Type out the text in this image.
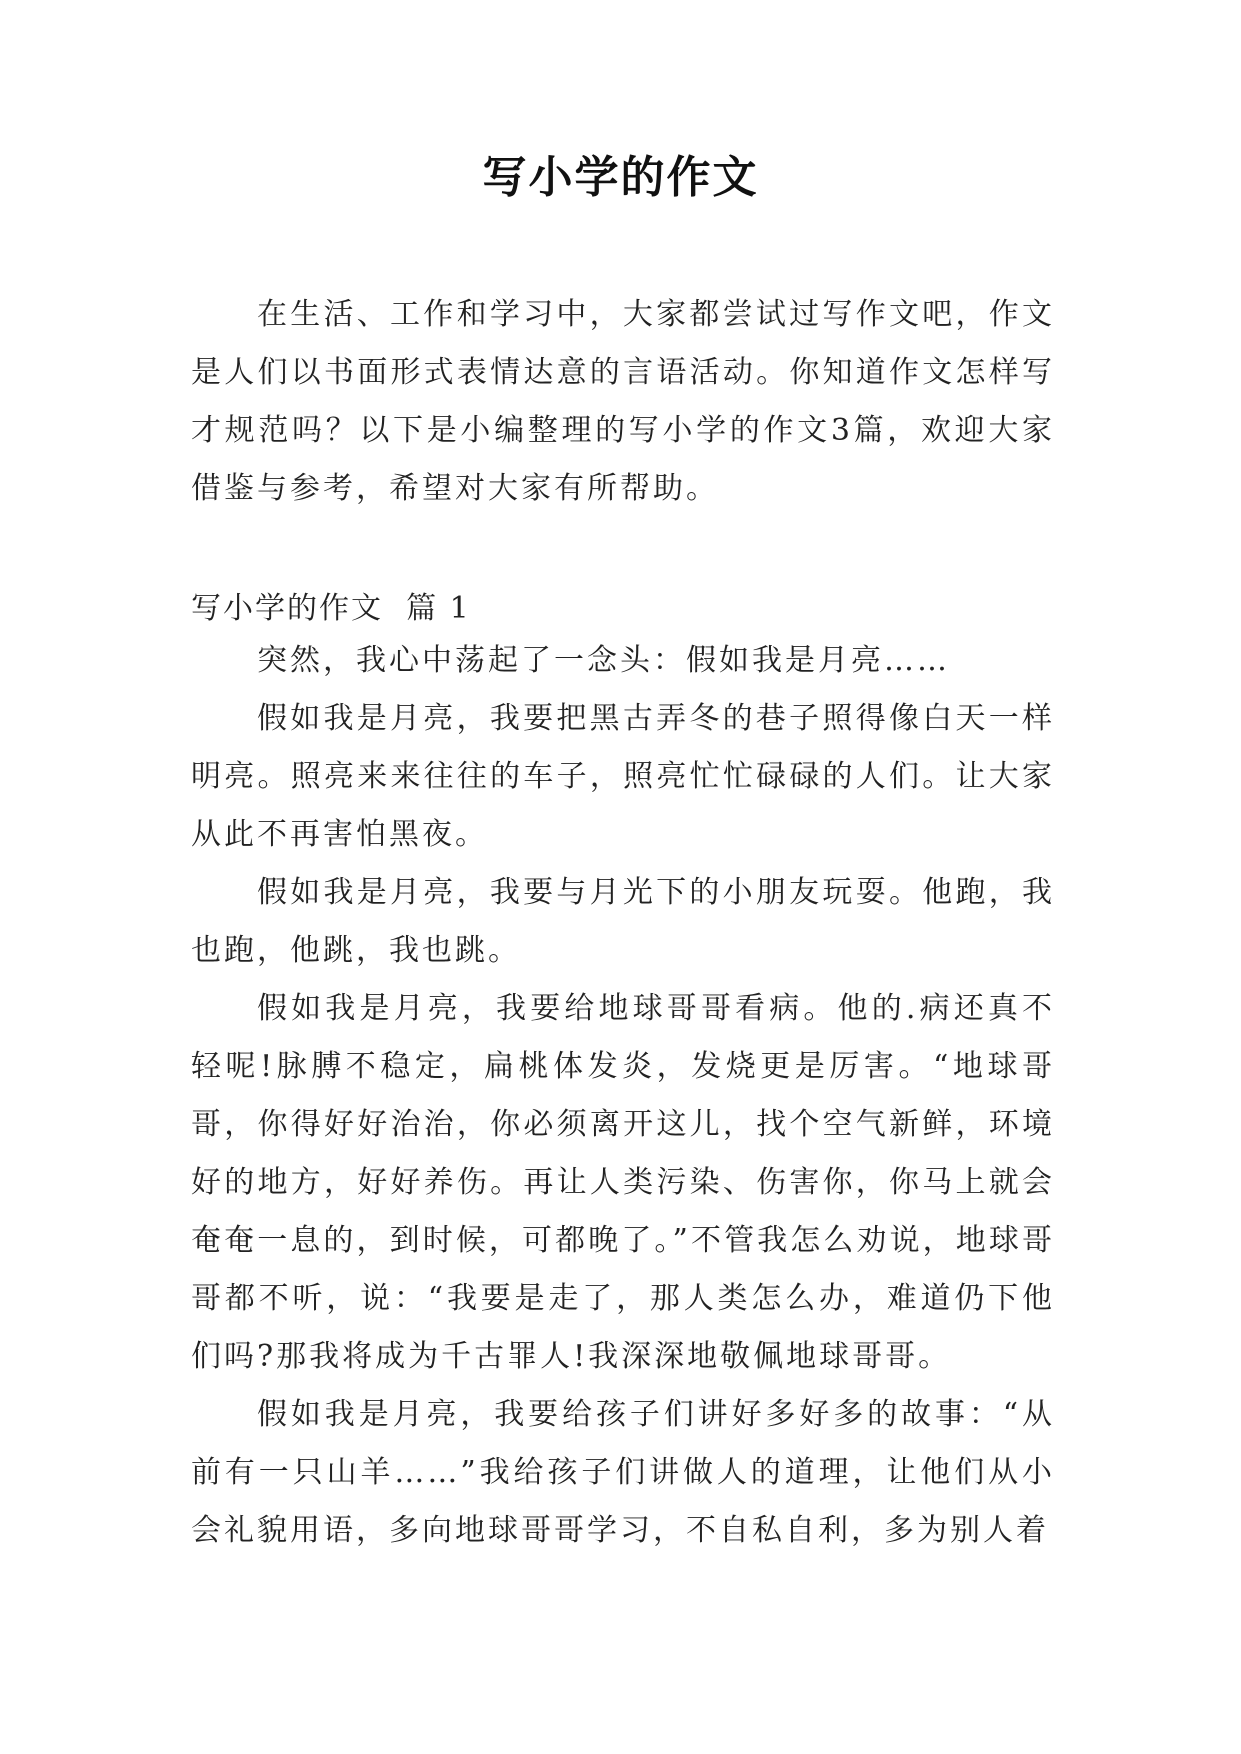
写小学的作文

在生活、工作和学习中，大家都尝试过写作文吧，作文是人们以书面形式表情达意的言语活动。你知道作文怎样写才规范吗？以下是小编整理的写小学的作文3篇，欢迎大家借鉴与参考，希望对大家有所帮助。

写小学的作文  篇 1

突然，我心中荡起了一念头：假如我是月亮……

假如我是月亮，我要把黑古弄冬的巷子照得像白天一样明亮。照亮来来往往的车子，照亮忙忙碌碌的人们。让大家从此不再害怕黑夜。

假如我是月亮，我要与月光下的小朋友玩耍。他跑，我也跑，他跳，我也跳。

假如我是月亮，我要给地球哥哥看病。他的.病还真不轻呢!脉膊不稳定，扁桃体发炎，发烧更是厉害。“地球哥哥，你得好好治治，你必须离开这儿，找个空气新鲜，环境好的地方，好好养伤。再让人类污染、伤害你，你马上就会奄奄一息的，到时候，可都晚了。”不管我怎么劝说，地球哥哥都不听，说：“我要是走了，那人类怎么办，难道仍下他们吗?那我将成为千古罪人!我深深地敬佩地球哥哥。

假如我是月亮，我要给孩子们讲好多好多的故事：“从前有一只山羊……”我给孩子们讲做人的道理，让他们从小会礼貌用语，多向地球哥哥学习，不自私自利，多为别人着
